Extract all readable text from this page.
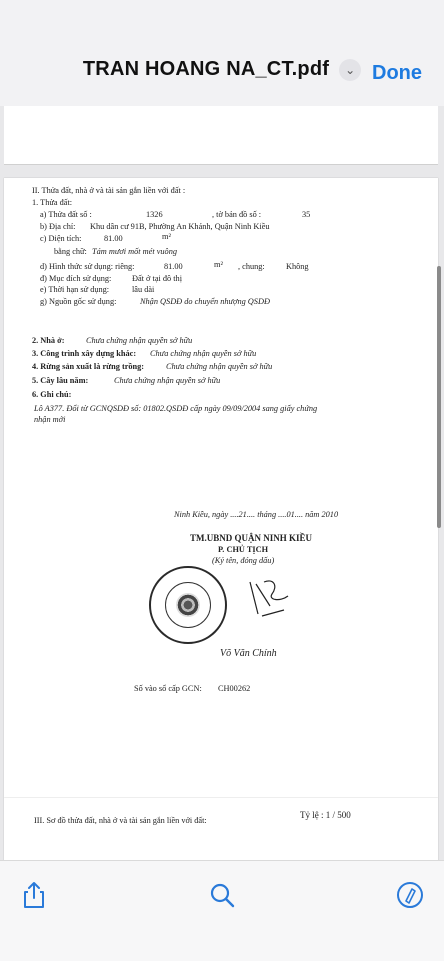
TRAN HOANG NA_CT.pdf	⌄ Done
II. Thửa đất, nhà ở và tài sản gắn liền với đất :
1. Thửa đất:
a) Thửa đất số :	1326	, tờ bản đồ số :	35
b) Địa chỉ: Khu dân cư 91B, Phường An Khánh, Quận Ninh Kiều
c) Diện tích:	81.00	m²
bằng chữ: Tám mươi mốt mét vuông
d) Hình thức sử dụng: riêng:	81.00	m² , chung:	Không
đ) Mục đích sử dụng: Đất ở tại đô thị
e) Thời hạn sử dụng:	lâu dài
g) Nguồn gốc sử dụng:	Nhận QSDĐ do chuyển nhượng QSDĐ
2. Nhà ở:	Chưa chứng nhận quyền sở hữu
3. Công trình xây dựng khác: Chưa chứng nhận quyền sở hữu
4. Rừng sản xuất là rừng trồng:	Chưa chứng nhận quyền sở hữu
5. Cây lâu năm:	Chưa chứng nhận quyền sở hữu
6. Ghi chú:
Lô A377. Đổi từ GCNQSDĐ số: 01802.QSDĐ cấp ngày 09/09/2004 sang giấy chứng
nhận mới
Ninh Kiều, ngày ....21.... tháng ....01.... năm 2010
TM.UBND QUẬN NINH KIỀU
P. CHỦ TỊCH
(Ký tên, đóng dấu)
Võ Văn Chính
Số vào sổ cấp GCN: CH00262
III. Sơ đồ thửa đất, nhà ở và tài sản gắn liền với đất:
Tỷ lệ : 1 / 500
